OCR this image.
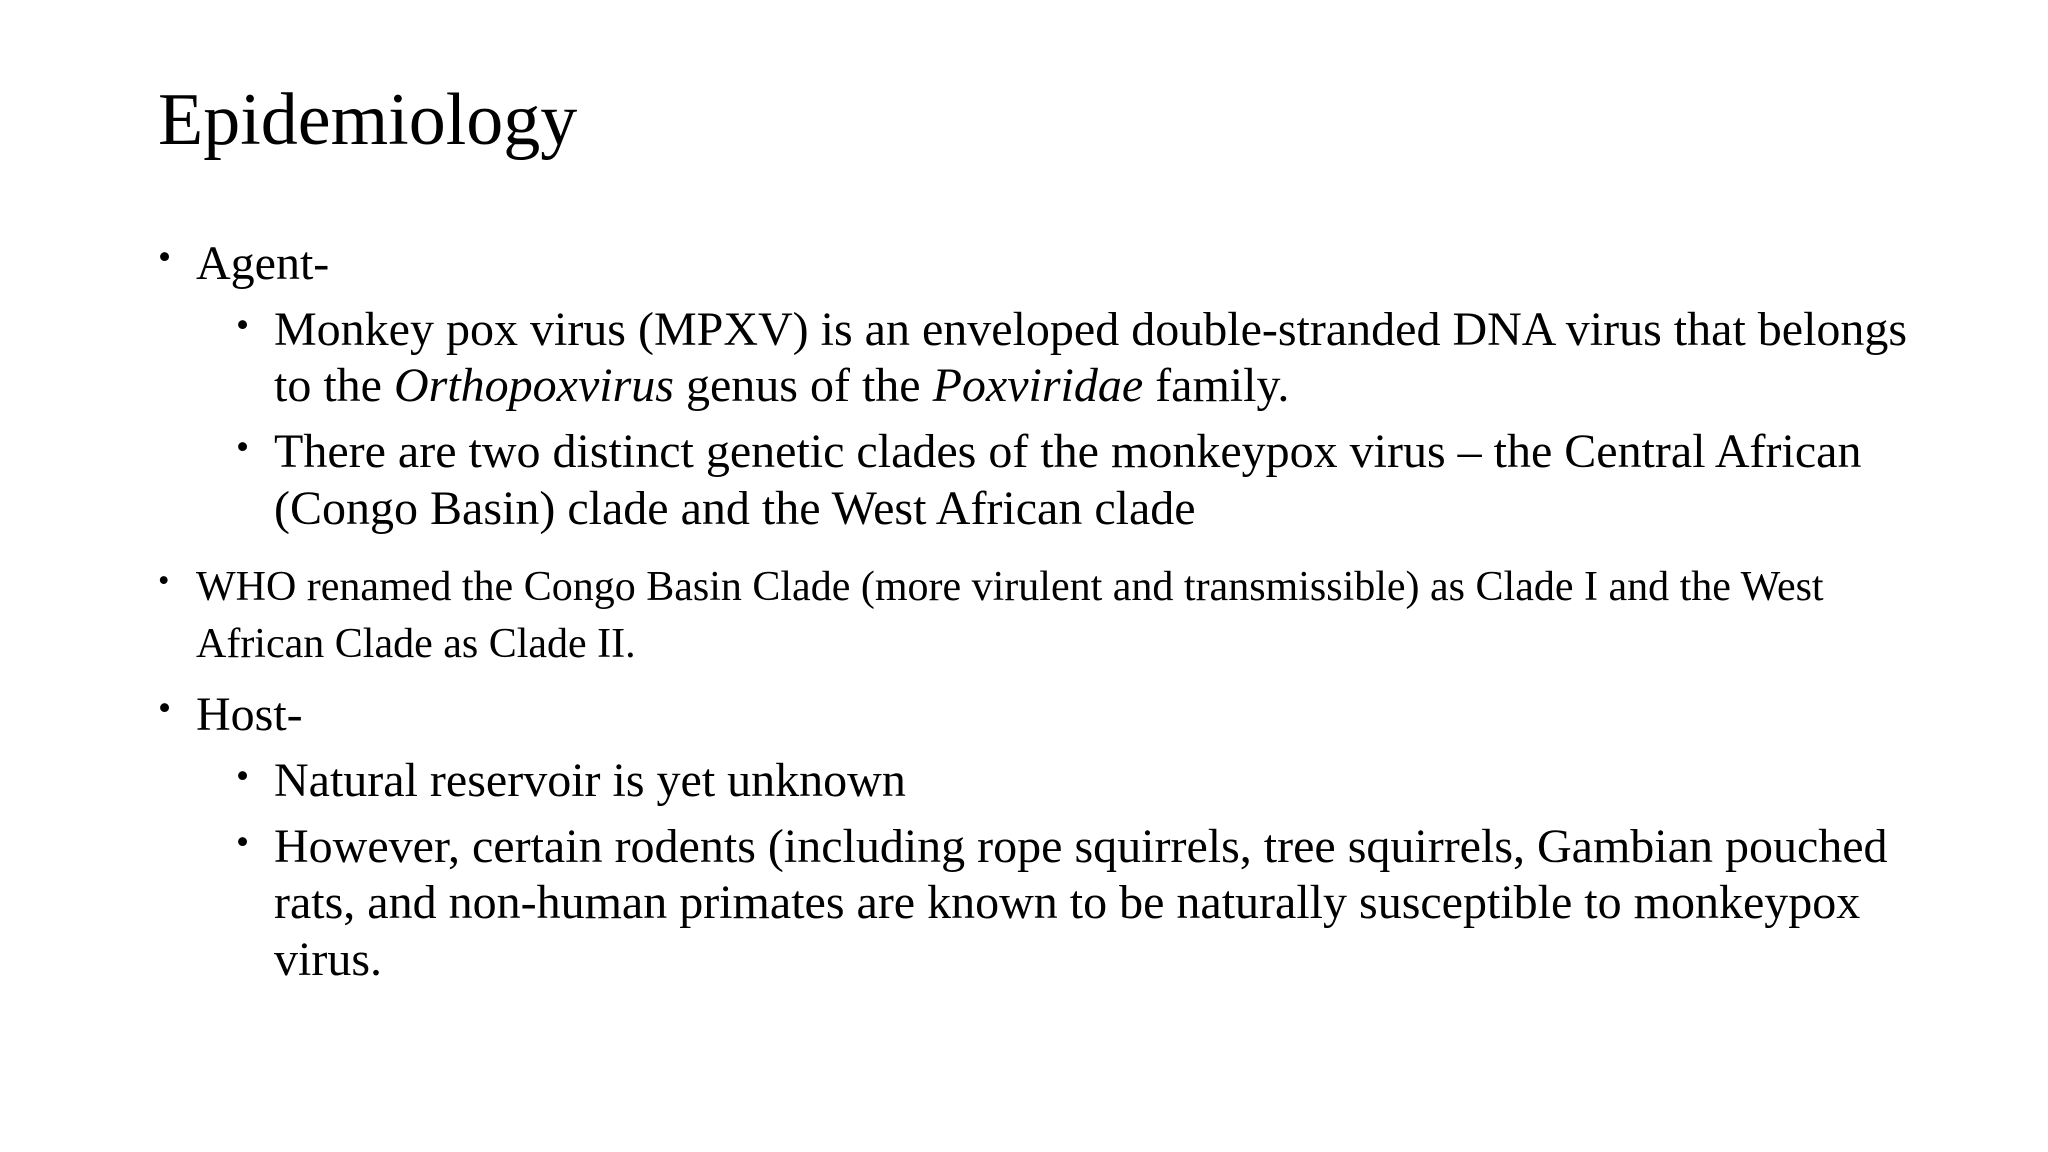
Epidemiology
• Agent-
• Monkey pox virus (MPXV) is an enveloped double-stranded DNA virus that belongs to the Orthopoxvirus genus of the Poxviridae family.
• There are two distinct genetic clades of the monkeypox virus – the Central African (Congo Basin) clade and the West African clade
• WHO renamed the Congo Basin Clade (more virulent and transmissible) as Clade I and the West African Clade as Clade II.
• Host-
• Natural reservoir is yet unknown
• However, certain rodents (including rope squirrels, tree squirrels, Gambian pouched rats, and non-human primates are known to be naturally susceptible to monkeypox virus.
